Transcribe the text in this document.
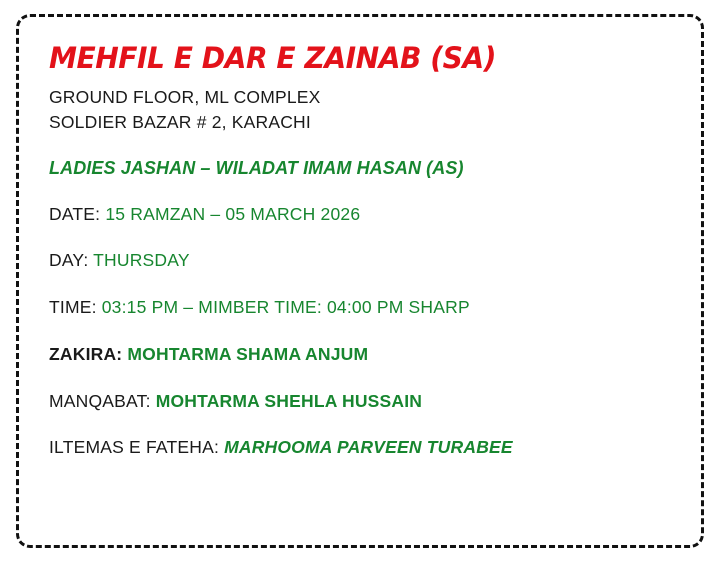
MEHFIL E DAR E ZAINAB (SA)
GROUND FLOOR, ML COMPLEX
SOLDIER BAZAR # 2, KARACHI
LADIES JASHAN – WILADAT IMAM HASAN (AS)
DATE: 15 RAMZAN – 05 MARCH 2026
DAY: THURSDAY
TIME: 03:15 PM – MIMBER TIME: 04:00 PM SHARP
ZAKIRA: MOHTARMA SHAMA ANJUM
MANQABAT: MOHTARMA SHEHLA HUSSAIN
ILTEMAS E FATEHA: MARHOOMA PARVEEN TURABEE
